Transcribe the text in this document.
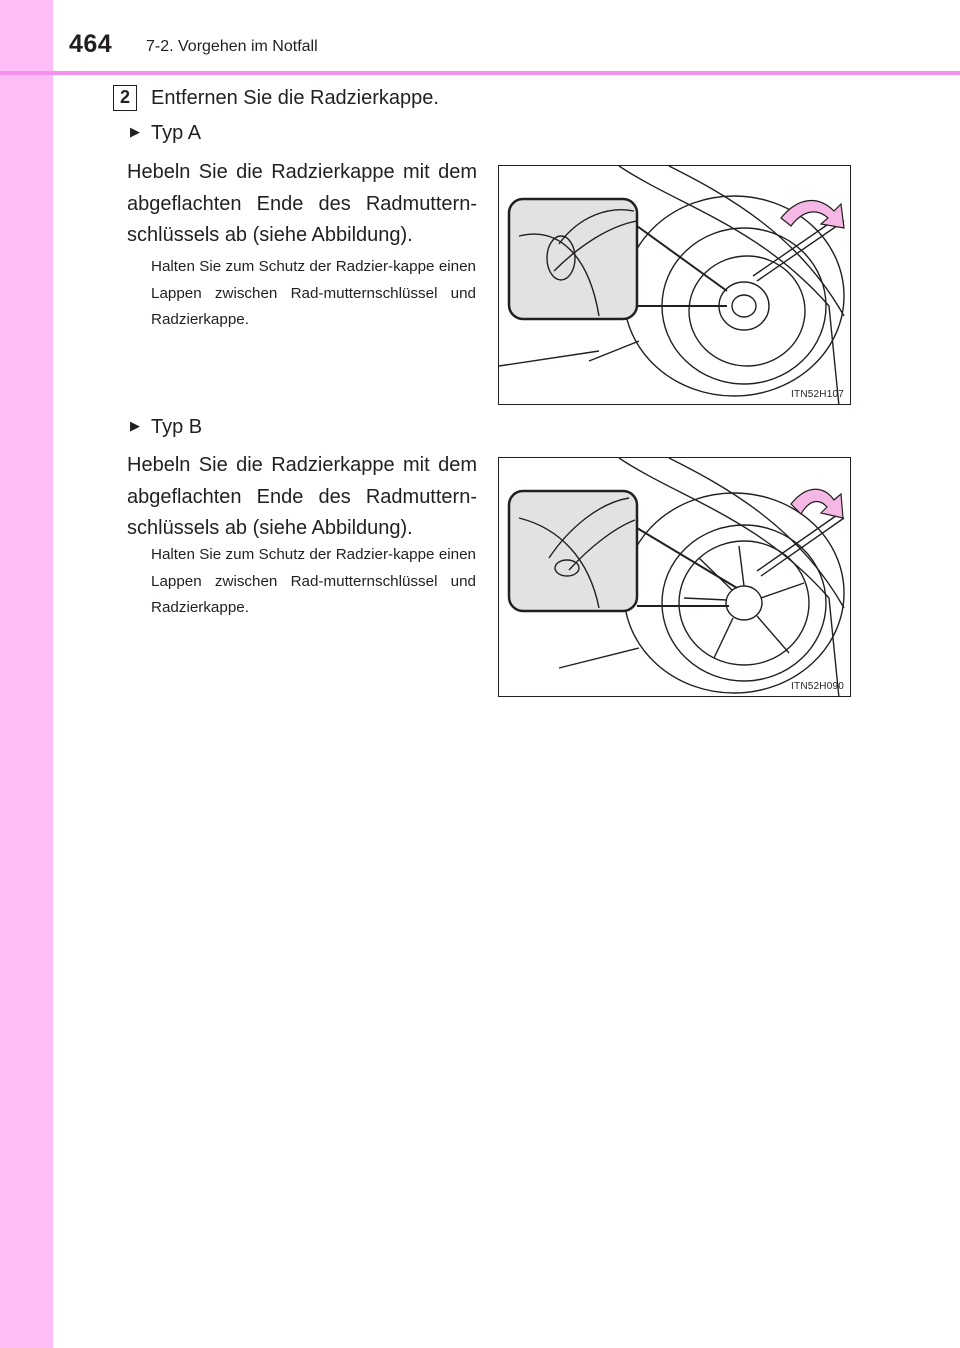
464 7-2. Vorgehen im Notfall
2	Entfernen Sie die Radzierkappe.
▶ Typ A
Hebeln Sie die Radzierkappe mit dem abgeflachten Ende des Radmuttern-schlüssels ab (siehe Abbildung).
Halten Sie zum Schutz der Radzier-kappe einen Lappen zwischen Rad-mutternschlüssel und Radzierkappe.
ITN52H107
▶ Typ B
Hebeln Sie die Radzierkappe mit dem abgeflachten Ende des Radmuttern-schlüssels ab (siehe Abbildung).
Halten Sie zum Schutz der Radzier-kappe einen Lappen zwischen Rad-mutternschlüssel und Radzierkappe.
ITN52H090
